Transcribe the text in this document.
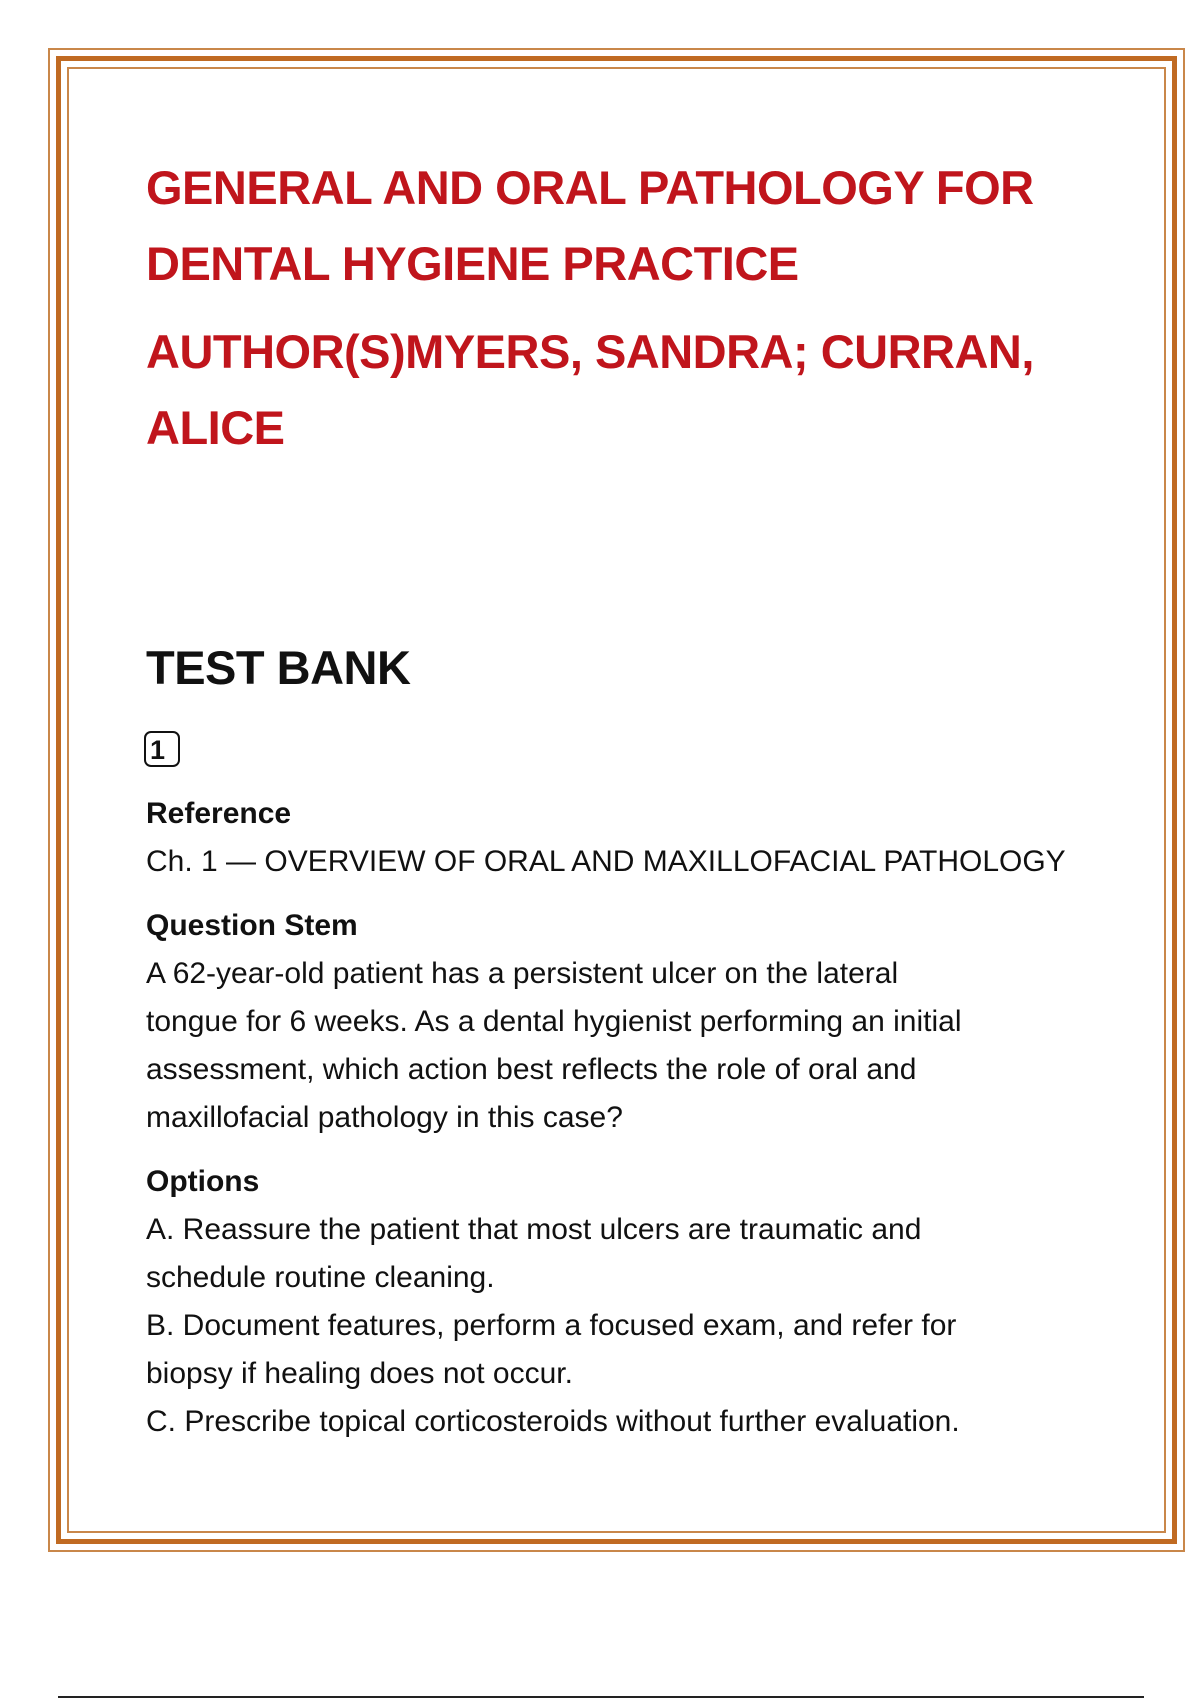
GENERAL AND ORAL PATHOLOGY FOR
DENTAL HYGIENE PRACTICE
AUTHOR(S)MYERS, SANDRA; CURRAN,
ALICE
TEST BANK
1
Reference
Ch. 1 — OVERVIEW OF ORAL AND MAXILLOFACIAL PATHOLOGY
Question Stem
A 62-year-old patient has a persistent ulcer on the lateral
tongue for 6 weeks. As a dental hygienist performing an initial
assessment, which action best reflects the role of oral and
maxillofacial pathology in this case?
Options
A. Reassure the patient that most ulcers are traumatic and
schedule routine cleaning.
B. Document features, perform a focused exam, and refer for
biopsy if healing does not occur.
C. Prescribe topical corticosteroids without further evaluation.
